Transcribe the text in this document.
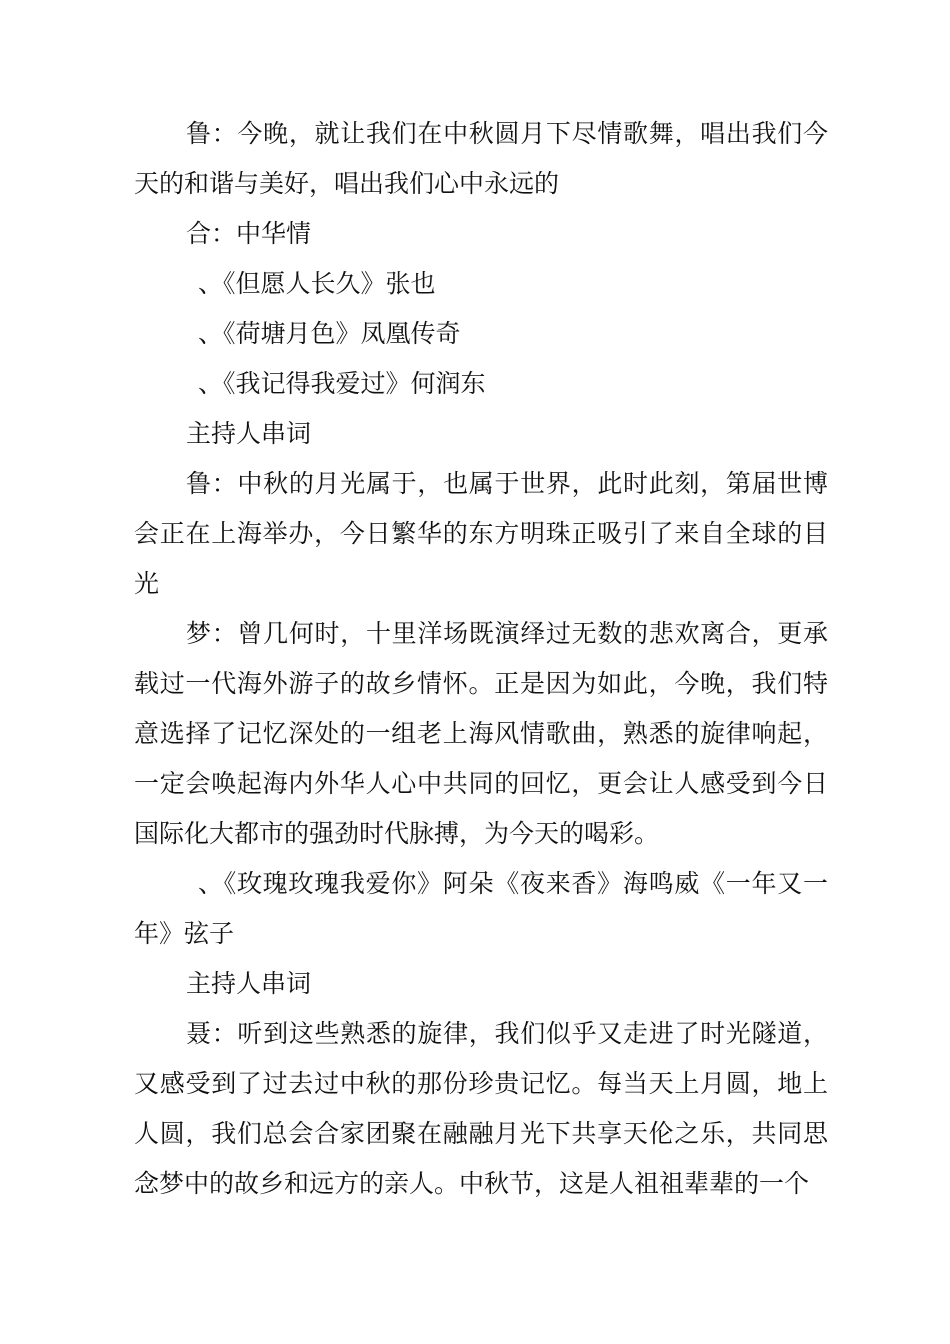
鲁：今晚，就让我们在中秋圆月下尽情歌舞，唱出我们今天的和谐与美好，唱出我们心中永远的

合：中华情

、《但愿人长久》张也

、《荷塘月色》凤凰传奇

、《我记得我爱过》何润东

主持人串词

鲁：中秋的月光属于，也属于世界，此时此刻，第届世博会正在上海举办，今日繁华的东方明珠正吸引了来自全球的目光

梦：曾几何时，十里洋场既演绎过无数的悲欢离合，更承载过一代海外游子的故乡情怀。正是因为如此，今晚，我们特意选择了记忆深处的一组老上海风情歌曲，熟悉的旋律响起，一定会唤起海内外华人心中共同的回忆，更会让人感受到今日国际化大都市的强劲时代脉搏，为今天的喝彩。

、《玫瑰玫瑰我爱你》阿朵《夜来香》海鸣威《一年又一年》弦子

主持人串词

聂：听到这些熟悉的旋律，我们似乎又走进了时光隧道，又感受到了过去过中秋的那份珍贵记忆。每当天上月圆，地上人圆，我们总会合家团聚在融融月光下共享天伦之乐，共同思念梦中的故乡和远方的亲人。中秋节，这是人祖祖辈辈的一个
